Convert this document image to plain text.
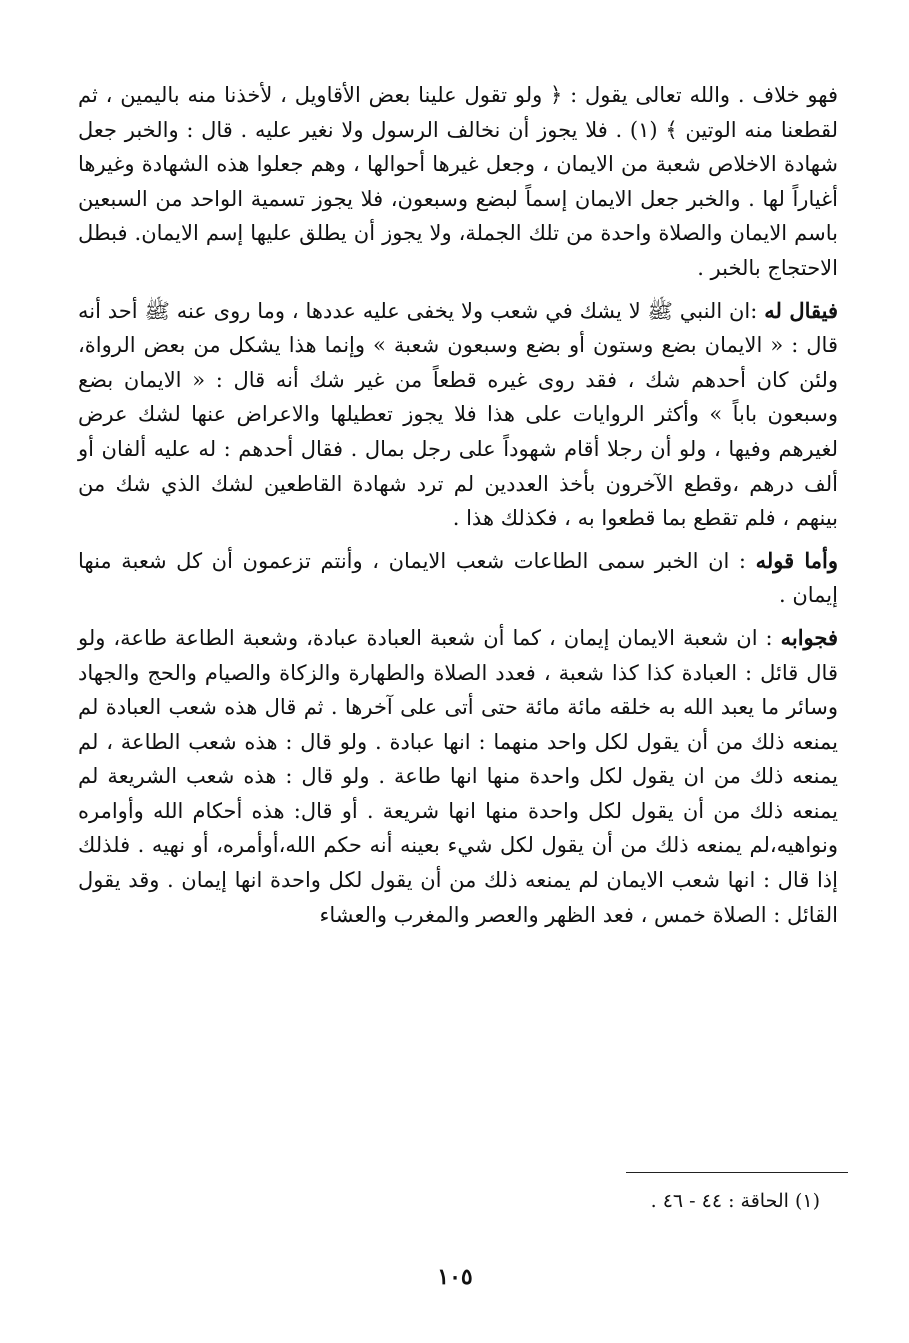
فهو خلاف . والله تعالى يقول : ﴿ ولو تقول علينا بعض الأقاويل ، لأخذنا منه باليمين ، ثم لقطعنا منه الوتين ﴾ (١) . فلا يجوز أن نخالف الرسول ولا نغير عليه . قال : والخبر جعل شهادة الاخلاص شعبة من الايمان ، وجعل غيرها أحوالها ، وهم جعلوا هذه الشهادة وغيرها أغياراً لها . والخبر جعل الايمان إسماً لبضع وسبعون، فلا يجوز تسمية الواحد من السبعين باسم الايمان والصلاة واحدة من تلك الجملة، ولا يجوز أن يطلق عليها إسم الايمان. فبطل الاحتجاج بالخبر .

فيقال له :ان النبي ﷺ لا يشك في شعب ولا يخفى عليه عددها ، وما روى عنه ﷺ أحد أنه قال : « الايمان بضع وستون أو بضع وسبعون شعبة » وإنما هذا يشكل من بعض الرواة، ولئن كان أحدهم شك ، فقد روى غيره قطعاً من غير شك أنه قال : « الايمان بضع وسبعون باباً » وأكثر الروايات على هذا فلا يجوز تعطيلها والاعراض عنها لشك عرض لغيرهم وفيها ، ولو أن رجلا أقام شهوداً على رجل بمال . فقال أحدهم : له عليه ألفان أو ألف درهم ،وقطع الآخرون بأخذ العددين لم ترد شهادة القاطعين لشك الذي شك من بينهم ، فلم تقطع بما قطعوا به ، فكذلك هذا .

وأما قوله : ان الخبر سمى الطاعات شعب الايمان ، وأنتم تزعمون أن كل شعبة منها إيمان .

فجوابه : ان شعبة الايمان إيمان ، كما أن شعبة العبادة عبادة، وشعبة الطاعة طاعة، ولو قال قائل : العبادة كذا كذا شعبة ، فعدد الصلاة والطهارة والزكاة والصيام والحج والجهاد وسائر ما يعبد الله به خلقه مائة مائة حتى أتى على آخرها . ثم قال هذه شعب العبادة لم يمنعه ذلك من أن يقول لكل واحد منهما : انها عبادة . ولو قال : هذه شعب الطاعة ، لم يمنعه ذلك من ان يقول لكل واحدة منها انها طاعة . ولو قال : هذه شعب الشريعة لم يمنعه ذلك من أن يقول لكل واحدة منها انها شريعة . أو قال: هذه أحكام الله وأوامره ونواهيه،لم يمنعه ذلك من أن يقول لكل شيء بعينه أنه حكم الله،أوأمره، أو نهيه . فلذلك إذا قال : انها شعب الايمان لم يمنعه ذلك من أن يقول لكل واحدة انها إيمان . وقد يقول القائل : الصلاة خمس ، فعد الظهر والعصر والمغرب والعشاء

(١) الحاقة : ٤٤ - ٤٦ .
١٠٥
